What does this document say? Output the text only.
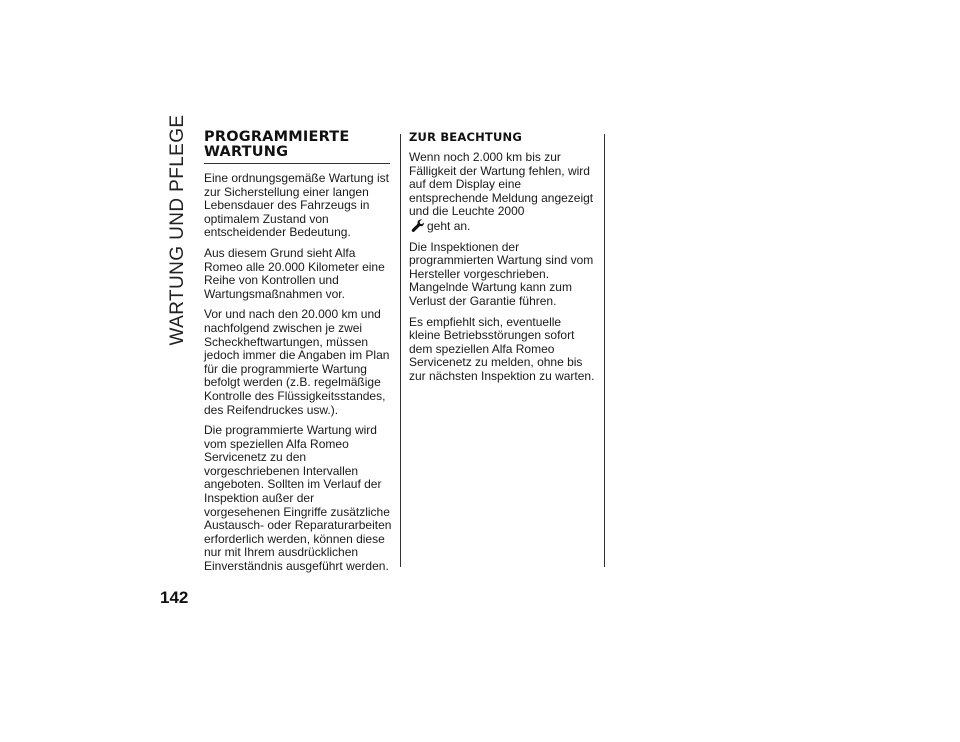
WARTUNG UND PFLEGE
142
PROGRAMMIERTE WARTUNG

Eine ordnungsgemäße Wartung ist zur Sicherstellung einer langen Lebensdauer des Fahrzeugs in optimalem Zustand von entscheidender Bedeutung.

Aus diesem Grund sieht Alfa Romeo alle 20.000 Kilometer eine Reihe von Kontrollen und Wartungsmaßnahmen vor.

Vor und nach den 20.000 km und nachfolgend zwischen je zwei Scheckheftwartungen, müssen jedoch immer die Angaben im Plan für die programmierte Wartung befolgt werden (z.B. regelmäßige Kontrolle des Flüssigkeitsstandes, des Reifendruckes usw.).

Die programmierte Wartung wird vom speziellen Alfa Romeo Servicenetz zu den vorgeschriebenen Intervallen angeboten. Sollten im Verlauf der Inspektion außer der vorgesehenen Eingriffe zusätzliche Austausch- oder Reparaturarbeiten erforderlich werden, können diese nur mit Ihrem ausdrücklichen Einverständnis ausgeführt werden.

ZUR BEACHTUNG

Wenn noch 2.000 km bis zur Fälligkeit der Wartung fehlen, wird auf dem Display eine entsprechende Meldung angezeigt und die Leuchte 2000
geht an.

Die Inspektionen der programmierten Wartung sind vom Hersteller vorgeschrieben. Mangelnde Wartung kann zum Verlust der Garantie führen.

Es empfiehlt sich, eventuelle kleine Betriebsstörungen sofort dem speziellen Alfa Romeo Servicenetz zu melden, ohne bis zur nächsten Inspektion zu warten.
